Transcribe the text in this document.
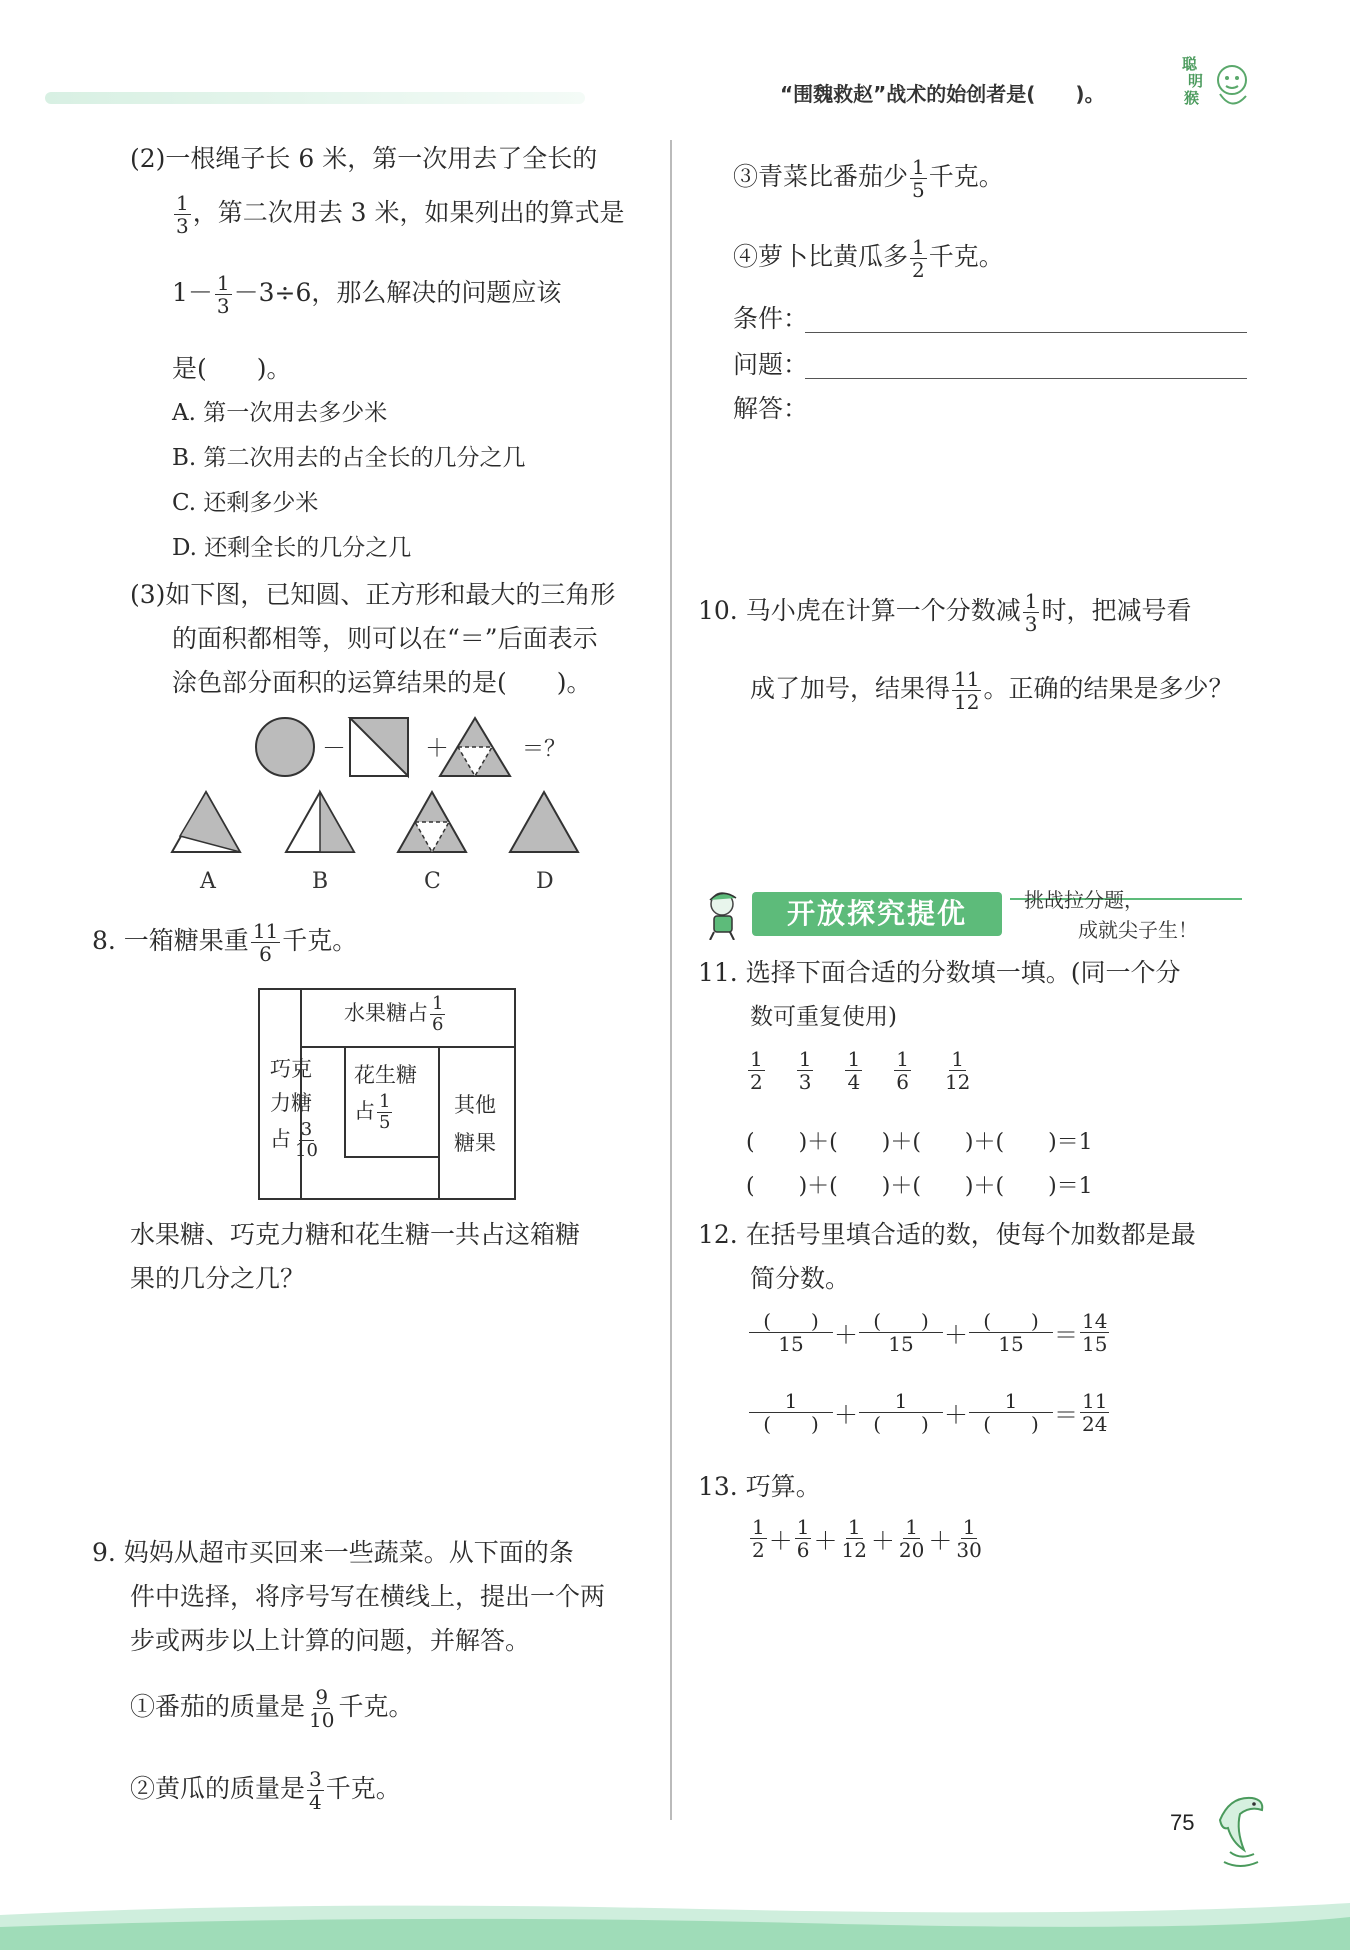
“围魏救赵”战术的始创者是(　　)。
聪
明
猴
(2)一根绳子长 6 米，第一次用去了全长的
$\frac{1}{3}$ ，第二次用去 3 米，如果列出的算式是
$1- \frac{1}{3} -3\div 6$，那么解决的问题应该
是(　　)。
A. 第一次用去多少米
B. 第二次用去的占全长的几分之几
C. 还剩多少米
D. 还剩全长的几分之几
(3)如下图，已知圆、正方形和最大的三角形
的面积都相等，则可以在“＝”后面表示
涂色部分面积的运算结果的是(　　)。
－	＋	＝？
A	B	C	D
8. 一箱糖果重 $\frac{11}{6}$ 千克。
水果糖占 $\frac{1}{6}$
巧克
力糖
占 $\frac{3}{10}$
花生糖
占 $\frac{1}{5}$	其他
糖果
水果糖、巧克力糖和花生糖一共占这箱糖
果的几分之几？
9. 妈妈从超市买回来一些蔬菜。从下面的条
件中选择，将序号写在横线上，提出一个两
步或两步以上计算的问题，并解答。
①番茄的质量是 $\frac{9}{10}$ 千克。
②黄瓜的质量是 $\frac{3}{4}$ 千克。
③青菜比番茄少 $\frac{1}{5}$ 千克。
④萝卜比黄瓜多 $\frac{1}{2}$ 千克。
条件：
问题：
解答：
10. 马小虎在计算一个分数减 $\frac{1}{3}$ 时，把减号看
成了加号，结果得 $\frac{11}{12}$ 。正确的结果是多少？
开放探究提优	挑战拉分题，
成就尖子生！
11. 选择下面合适的分数填一填。(同一个分
数可重复使用)
$\frac{1}{2} \frac{1}{3} \frac{1}{4} \frac{1}{6} \frac{1}{12}$
(　　)＋(　　)＋(　　)＋(　　)＝1
(　　)＋(　　)＋(　　)＋(　　)＝1
12. 在括号里填合适的数，使每个加数都是最
简分数。
$\frac{( )}{15} + \frac{( )}{15} + \frac{( )}{15} = \frac{14}{15}$
$\frac{1}{( )} + \frac{1}{( )} + \frac{1}{( )} = \frac{11}{24}$
13. 巧算。
$\frac{1}{2} + \frac{1}{6} + \frac{1}{12} + \frac{1}{20} + \frac{1}{30}$
75
